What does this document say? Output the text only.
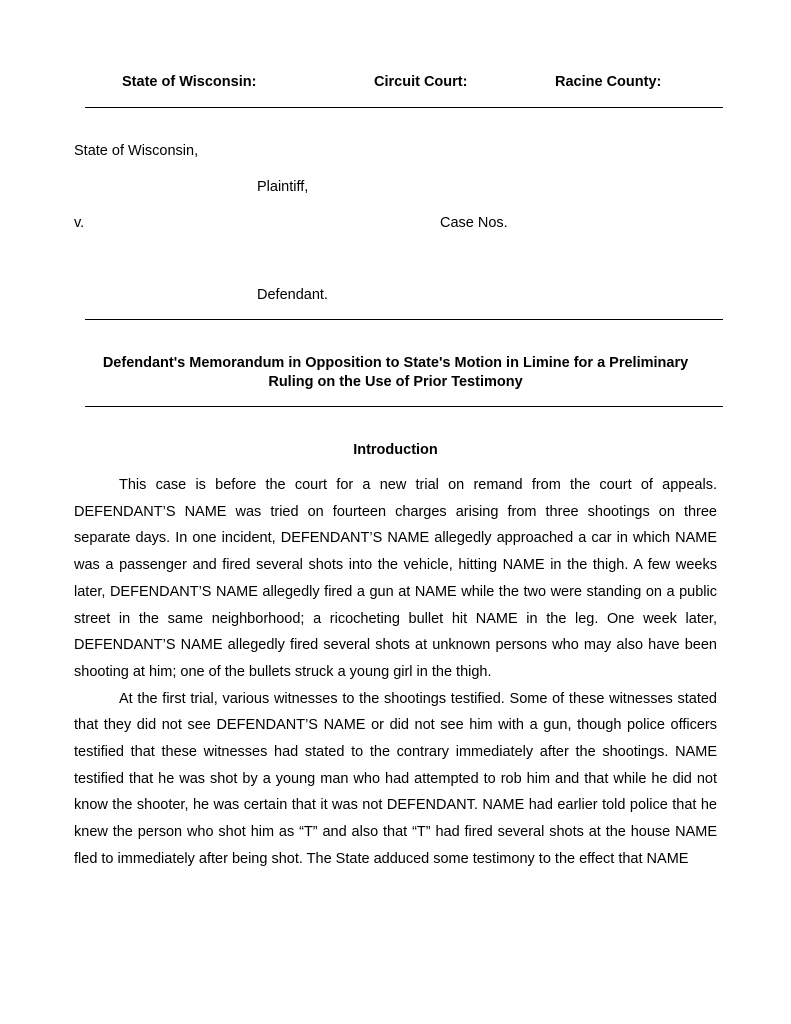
State of Wisconsin:	Circuit Court:	Racine County:
State of Wisconsin,
Plaintiff,
v.	Case Nos.
Defendant.
Defendant's Memorandum in Opposition to State's Motion in Limine for a Preliminary
Ruling on the Use of Prior Testimony
Introduction

This case is before the court for a new trial on remand from the court of appeals. DEFENDANT’S NAME was tried on fourteen charges arising from three shootings on three separate days. In one incident, DEFENDANT’S NAME allegedly approached a car in which NAME was a passenger and fired several shots into the vehicle, hitting NAME in the thigh. A few weeks later, DEFENDANT’S NAME allegedly fired a gun at NAME while the two were standing on a public street in the same neighborhood; a ricocheting bullet hit NAME in the leg. One week later, DEFENDANT’S NAME allegedly fired several shots at unknown persons who may also have been shooting at him; one of the bullets struck a young girl in the thigh.

At the first trial, various witnesses to the shootings testified. Some of these witnesses stated that they did not see DEFENDANT’S NAME or did not see him with a gun, though police officers testified that these witnesses had stated to the contrary immediately after the shootings. NAME testified that he was shot by a young man who had attempted to rob him and that while he did not know the shooter, he was certain that it was not DEFENDANT. NAME had earlier told police that he knew the person who shot him as “T” and also that “T” had fired several shots at the house NAME fled to immediately after being shot. The State adduced some testimony to the effect that NAME
